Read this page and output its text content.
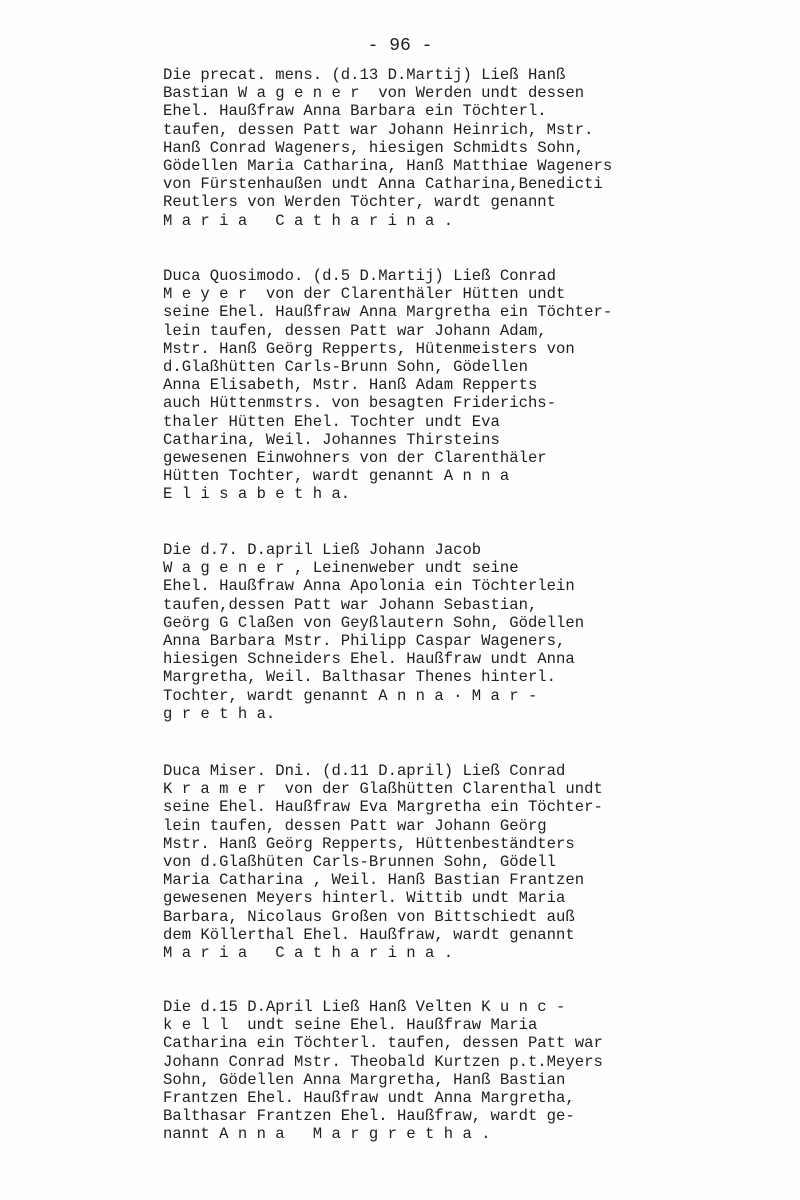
- 96 -
Die precat. mens. (d.13 D.Martij) Ließ Hanß
Bastian W a g e n e r  von Werden undt dessen
Ehel. Haußfraw Anna Barbara ein Töchterl.
taufen, dessen Patt war Johann Heinrich, Mstr.
Hanß Conrad Wageners, hiesigen Schmidts Sohn,
Gödellen Maria Catharina, Hanß Matthiae Wageners
von Fürstenhaußen undt Anna Catharina,Benedicti
Reutlers von Werden Töchter, wardt genannt
M a r i a   C a t h a r i n a .
Duca Quosimodo. (d.5 D.Martij) Ließ Conrad
M e y e r  von der Clarenthäler Hütten undt
seine Ehel. Haußfraw Anna Margretha ein Töchter-
lein taufen, dessen Patt war Johann Adam,
Mstr. Hanß Geörg Repperts, Hütenmeisters von
d.Glaßhütten Carls-Brunn Sohn, Gödellen
Anna Elisabeth, Mstr. Hanß Adam Repperts
auch Hüttenmstrs. von besagten Friderichs-
thaler Hütten Ehel. Tochter undt Eva
Catharina, Weil. Johannes Thirsteins
gewesenen Einwohners von der Clarenthäler
Hütten Tochter, wardt genannt A n n a
E l i s a b e t h a.
Die d.7. D.april Ließ Johann Jacob
W a g e n e r , Leinenweber undt seine
Ehel. Haußfraw Anna Apolonia ein Töchterlein
taufen,dessen Patt war Johann Sebastian,
Geörg G Claßen von Geyßlautern Sohn, Gödellen
Anna Barbara Mstr. Philipp Caspar Wageners,
hiesigen Schneiders Ehel. Haußfraw undt Anna
Margretha, Weil. Balthasar Thenes hinterl.
Tochter, wardt genannt A n n a · M a r -
g r e t h a.
Duca Miser. Dni. (d.11 D.april) Ließ Conrad
K r a m e r  von der Glaßhütten Clarenthal undt
seine Ehel. Haußfraw Eva Margretha ein Töchter-
lein taufen, dessen Patt war Johann Geörg
Mstr. Hanß Geörg Repperts, Hüttenbeständters
von d.Glaßhüten Carls-Brunnen Sohn, Gödell
Maria Catharina , Weil. Hanß Bastian Frantzen
gewesenen Meyers hinterl. Wittib undt Maria
Barbara, Nicolaus Großen von Bittschiedt auß
dem Köllerthal Ehel. Haußfraw, wardt genannt
M a r i a   C a t h a r i n a .
Die d.15 D.April Ließ Hanß Velten K u n c -
k e l l  undt seine Ehel. Haußfraw Maria
Catharina ein Töchterl. taufen, dessen Patt war
Johann Conrad Mstr. Theobald Kurtzen p.t.Meyers
Sohn, Gödellen Anna Margretha, Hanß Bastian
Frantzen Ehel. Haußfraw undt Anna Margretha,
Balthasar Frantzen Ehel. Haußfraw, wardt ge-
nannt A n n a   M a r g r e t h a .
